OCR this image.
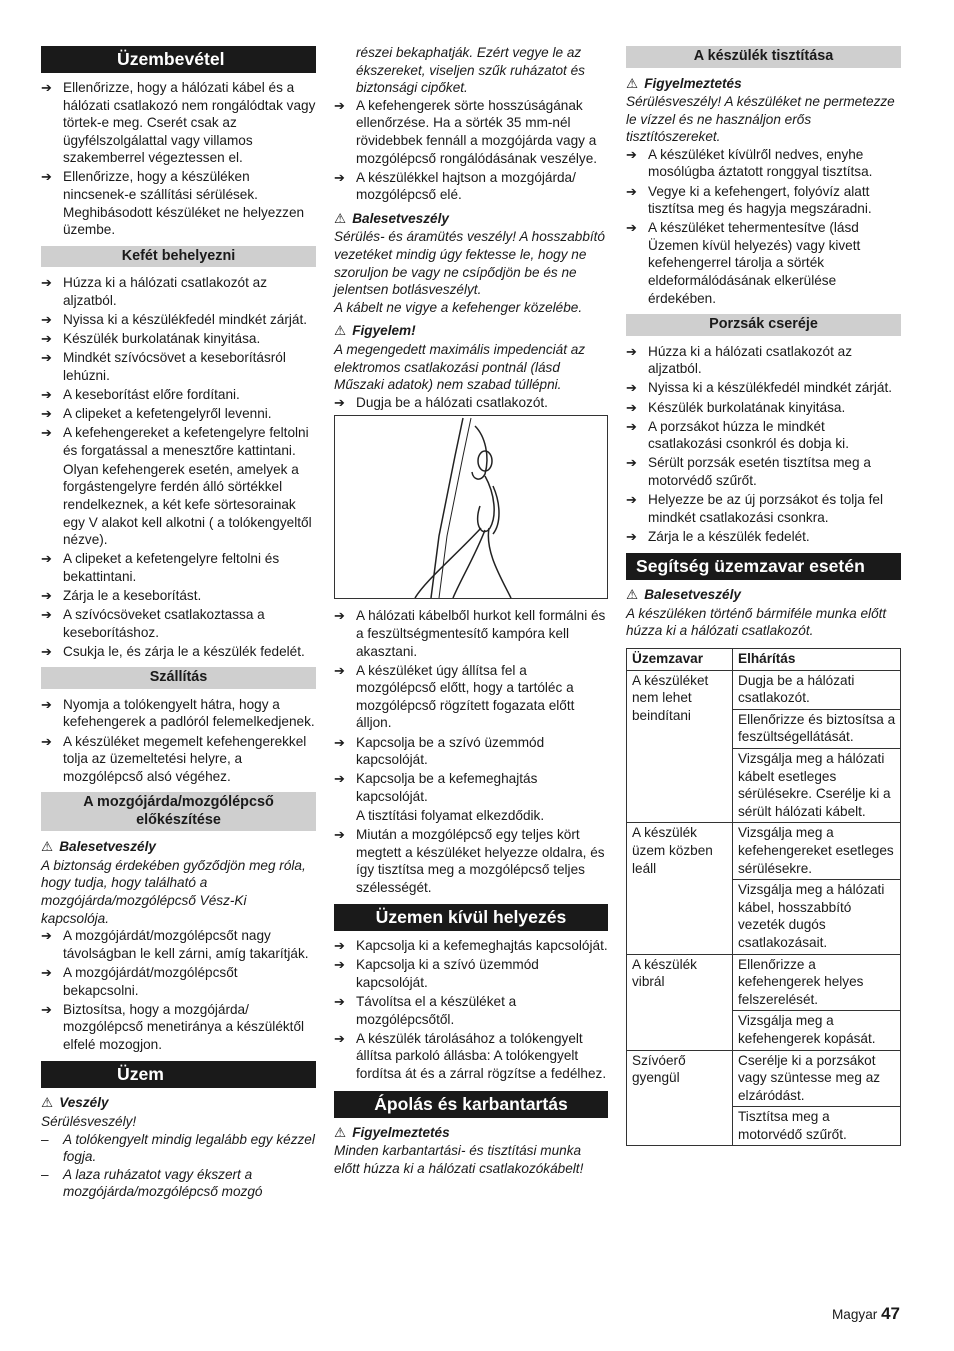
Üzembevétel
➔ Ellenőrizze, hogy a hálózati kábel és a hálózati csatlakozó nem rongálódtak vagy törtek-e meg. Cserét csak az ügyfélszolgálattal vagy villamos szakemberrel végeztessen el.
➔ Ellenőrizze, hogy a készüléken nincsenek-e szállítási sérülések. Meghibásodott készüléket ne helyezzen üzembe.
Kefét behelyezni
➔ Húzza ki a hálózati csatlakozót az aljzatból.
➔ Nyissa ki a készülékfedél mindkét zárját.
➔ Készülék burkolatának kinyitása.
➔ Mindkét szívócsövet a keseborításról lehúzni.
➔ A keseborítást előre fordítani.
➔ A clipeket a kefetengelyről levenni.
➔ A kefehengereket a kefetengelyre feltolni és forgatással a menesztőre kattintani.
Olyan kefehengerek esetén, amelyek a forgástengelyre ferdén álló sörtékkel rendelkeznek, a két kefe sörtesorainak egy V alakot kell alkotni ( a tolókengyeltől nézve).
➔ A clipeket a kefetengelyre feltolni és bekattintani.
➔ Zárja le a keseborítást.
➔ A szívócsöveket csatlakoztassa a keseborításhoz.
➔ Csukja le, és zárja le a készülék fedelét.
Szállítás
➔ Nyomja a tolókengyelt hátra, hogy a kefehengerek a padlóról felemelkedjenek.
➔ A készüléket megemelt kefehengerekkel tolja az üzemeltetési helyre, a mozgólépcső alsó végéhez.
A mozgójárda/mozgólépcső előkészítése
⚠ Balesetveszély
A biztonság érdekében győződjön meg róla, hogy tudja, hogy található a mozgójárda/mozgólépcső Vész-Ki kapcsolója.
➔ A mozgójárdát/mozgólépcsőt nagy távolságban le kell zárni, amíg takarítják.
➔ A mozgójárdát/mozgólépcsőt bekapcsolni.
➔ Biztosítsa, hogy a mozgójárda/ mozgólépcső menetiránya a készüléktől elfelé mozogjon.
Üzem
⚠ Veszély
Sérülésveszély!
– A tolókengyelt mindig legalább egy kézzel fogja.
– A laza ruházatot vagy ékszert a mozgójárda/mozgólépcső mozgó
részei bekaphatják. Ezért vegye le az ékszereket, viseljen szűk ruházatot és biztonsági cipőket.
➔ A kefehengerek sörte hosszúságának ellenőrzése. Ha a sörték 35 mm-nél rövidebbek fennáll a mozgójárda vagy a mozgólépcső rongálódásának veszélye.
➔ A készülékkel hajtson a mozgójárda/ mozgólépcső elé.
⚠ Balesetveszély
Sérülés- és áramütés veszély! A hosszabbító vezetéket mindig úgy fektesse le, hogy ne szoruljon be vagy ne csípődjön be és ne jelentsen botlásveszélyt.
A kábelt ne vigye a kefehenger közelébe.
⚠ Figyelem!
A megengedett maximális impedenciát az elektromos csatlakozási pontnál (lásd Műszaki adatok) nem szabad túllépni.
➔ Dugja be a hálózati csatlakozót.
➔ A hálózati kábelből hurkot kell formálni és a feszültségmentesítő kampóra kell akasztani.
➔ A készüléket úgy állítsa fel a mozgólépcső előtt, hogy a tartóléc a mozgólépcső rögzített fogazata előtt álljon.
➔ Kapcsolja be a szívó üzemmód kapcsolóját.
➔ Kapcsolja be a kefemeghajtás kapcsolóját.
A tisztítási folyamat elkezdődik.
➔ Miután a mozgólépcső egy teljes kört megtett a készüléket helyezze oldalra, és így tisztítsa meg a mozgólépcső teljes szélességét.
Üzemen kívül helyezés
➔ Kapcsolja ki a kefemeghajtás kapcsolóját.
➔ Kapcsolja ki a szívó üzemmód kapcsolóját.
➔ Távolítsa el a készüléket a mozgólépcsőtől.
➔ A készülék tárolásához a tolókengyelt állítsa parkoló állásba: A tolókengyelt fordítsa át és a zárral rögzítse a fedélhez.
Ápolás és karbantartás
⚠ Figyelmeztetés
Minden karbantartási- és tisztítási munka előtt húzza ki a hálózati csatlakozókábelt!
A készülék tisztítása
⚠ Figyelmeztetés
Sérülésveszély! A készüléket ne permetezze le vízzel és ne használjon erős tisztítószereket.
➔ A készüléket kívülről nedves, enyhe mosólúgba áztatott ronggyal tisztítsa.
➔ Vegye ki a kefehengert, folyóvíz alatt tisztítsa meg és hagyja megszáradni.
➔ A készüléket tehermentesítve (lásd Üzemen kívül helyezés) vagy kivett kefehengerrel tárolja a sörték eldeformálódásának elkerülése érdekében.
Porzsák cseréje
➔ Húzza ki a hálózati csatlakozót az aljzatból.
➔ Nyissa ki a készülékfedél mindkét zárját.
➔ Készülék burkolatának kinyitása.
➔ A porzsákot húzza le mindkét csatlakozási csonkról és dobja ki.
➔ Sérült porzsák esetén tisztítsa meg a motorvédő szűrőt.
➔ Helyezze be az új porzsákot és tolja fel mindkét csatlakozási csonkra.
➔ Zárja le a készülék fedelét.
Segítség üzemzavar esetén
⚠ Balesetveszély
A készüléken történő bármiféle munka előtt húzza ki a hálózati csatlakozót.
Üzemzavar	Elhárítás
A készüléket nem lehet beindítani	Dugja be a hálózati csatlakozót.
	Ellenőrizze és biztosítsa a feszültségellátását.
	Vizsgálja meg a hálózati kábelt esetleges sérülésekre. Cserélje ki a sérült hálózati kábelt.
A készülék üzem közben leáll	Vizsgálja meg a kefehengereket esetleges sérülésekre.
	Vizsgálja meg a hálózati kábel, hosszabbító vezeték dugós csatlakozásait.
A készülék vibrál	Ellenőrizze a kefehengerek helyes felszerelését.
	Vizsgálja meg a kefehengerek kopását.
Szívóerő gyengül	Cserélje ki a porzsákot vagy szüntesse meg az elzáródást.
	Tisztítsa meg a motorvédő szűrőt.
Magyar 47
